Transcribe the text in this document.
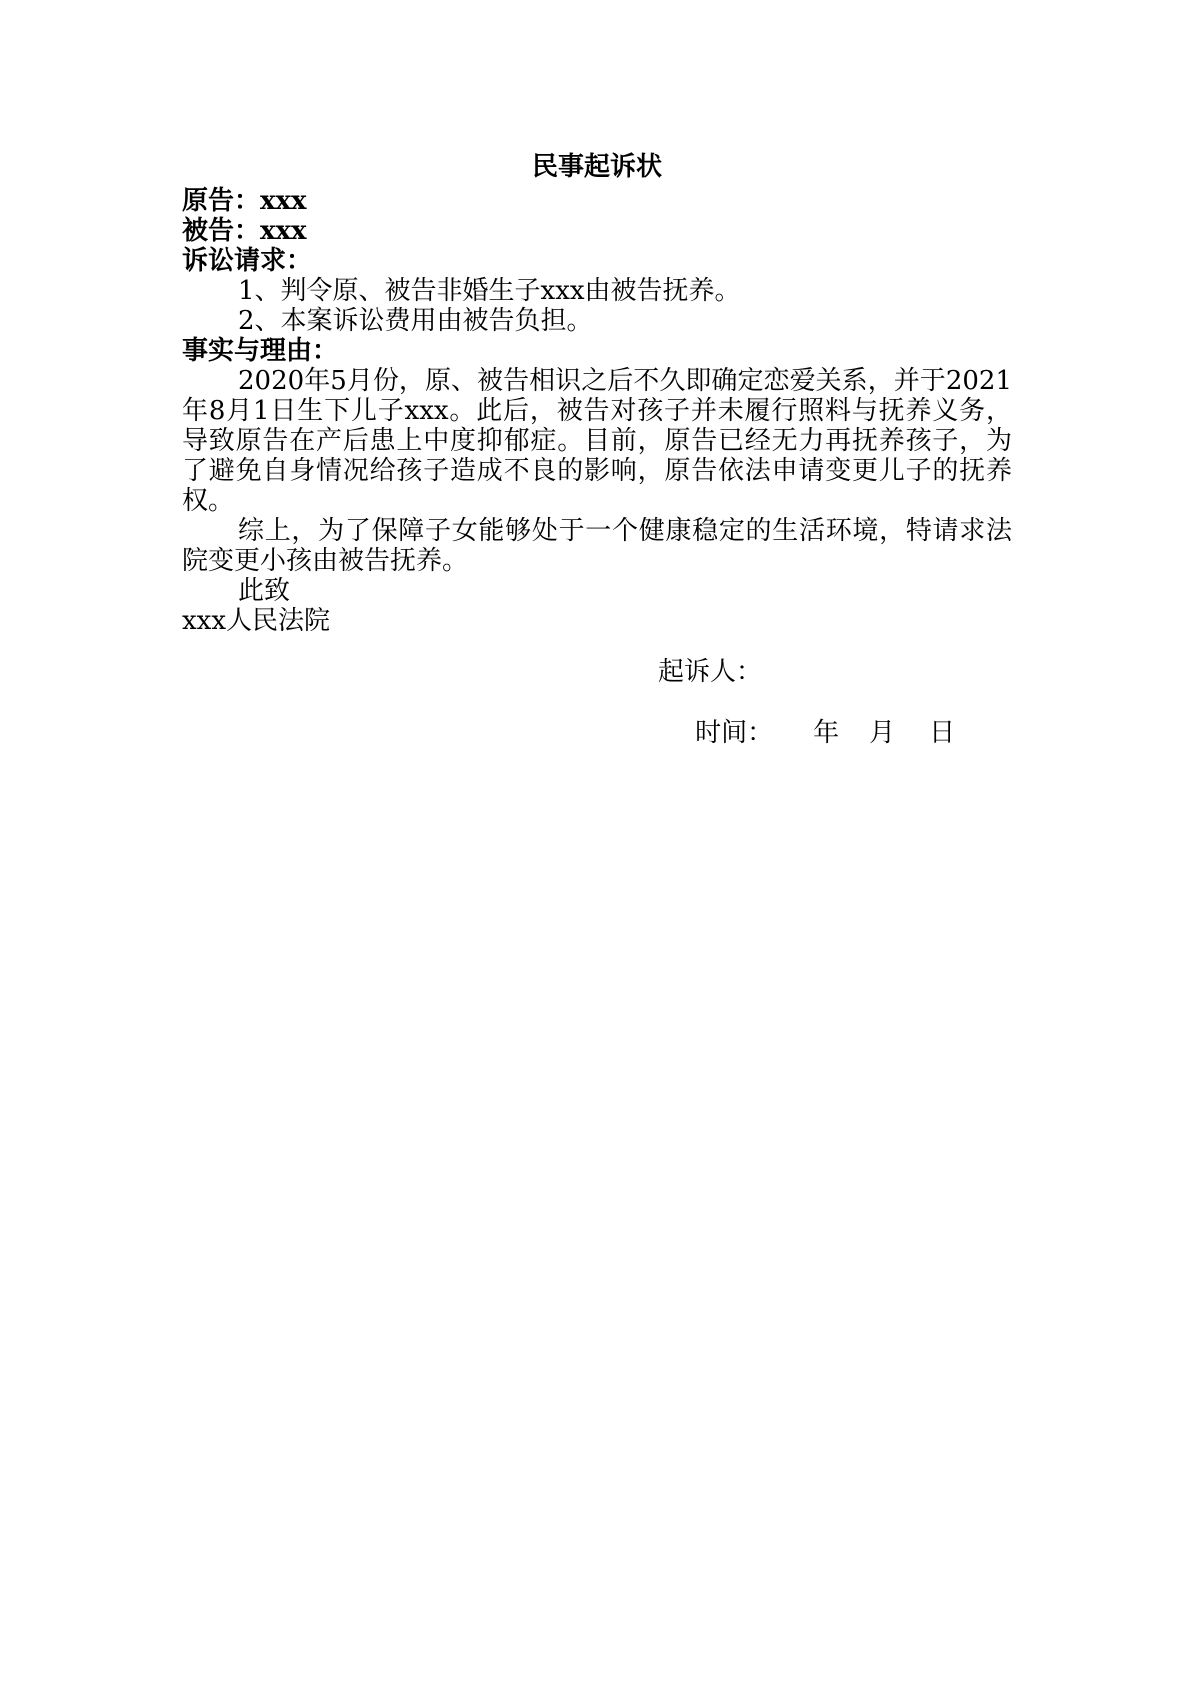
民事起诉状

原告：xxx

被告：xxx

诉讼请求：

1、判令原、被告非婚生子xxx由被告抚养。

2、本案诉讼费用由被告负担。

事实与理由：

2020年5月份，原、被告相识之后不久即确定恋爱关系，并于2021年8月1日生下儿子xxx。此后，被告对孩子并未履行照料与抚养义务，导致原告在产后患上中度抑郁症。目前，原告已经无力再抚养孩子，为了避免自身情况给孩子造成不良的影响，原告依法申请变更儿子的抚养权。

综上，为了保障子女能够处于一个健康稳定的生活环境，特请求法院变更小孩由被告抚养。

此致

xxx人民法院

起诉人：

时间： 年 月 日
